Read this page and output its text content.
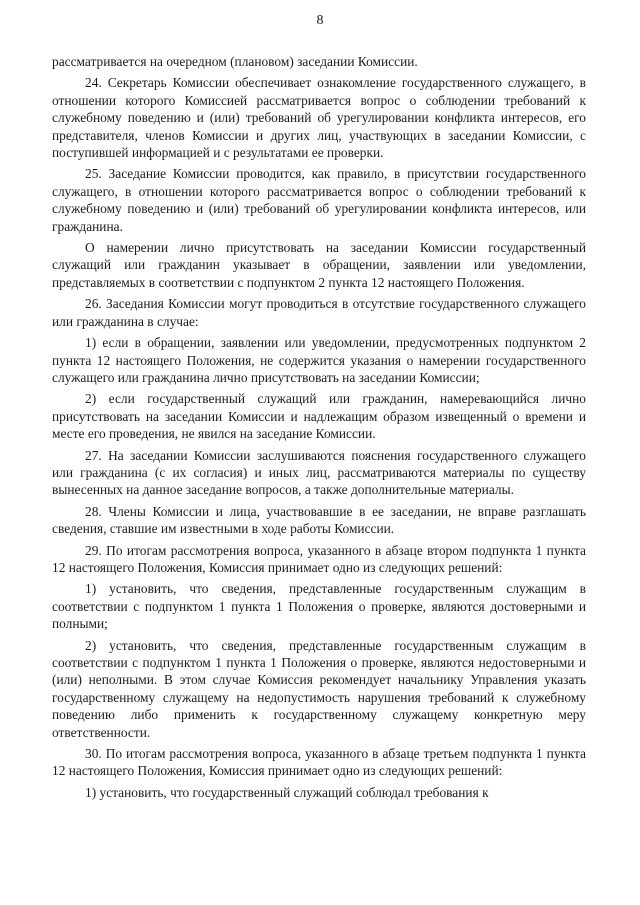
8

рассматривается на очередном (плановом) заседании Комиссии.

24. Секретарь Комиссии обеспечивает ознакомление государственного служащего, в отношении которого Комиссией рассматривается вопрос о соблюдении требований к служебному поведению и (или) требований об урегулировании конфликта интересов, его представителя, членов Комиссии и других лиц, участвующих в заседании Комиссии, с поступившей информацией и с результатами ее проверки.

25. Заседание Комиссии проводится, как правило, в присутствии государственного служащего, в отношении которого рассматривается вопрос о соблюдении требований к служебному поведению и (или) требований об урегулировании конфликта интересов, или гражданина.

О намерении лично присутствовать на заседании Комиссии государственный служащий или гражданин указывает в обращении, заявлении или уведомлении, представляемых в соответствии с подпунктом 2 пункта 12 настоящего Положения.

26. Заседания Комиссии могут проводиться в отсутствие государственного служащего или гражданина в случае:

1) если в обращении, заявлении или уведомлении, предусмотренных подпунктом 2 пункта 12 настоящего Положения, не содержится указания о намерении государственного служащего или гражданина лично присутствовать на заседании Комиссии;

2) если государственный служащий или гражданин, намеревающийся лично присутствовать на заседании Комиссии и надлежащим образом извещенный о времени и месте его проведения, не явился на заседание Комиссии.

27. На заседании Комиссии заслушиваются пояснения государственного служащего или гражданина (с их согласия) и иных лиц, рассматриваются материалы по существу вынесенных на данное заседание вопросов, а также дополнительные материалы.

28. Члены Комиссии и лица, участвовавшие в ее заседании, не вправе разглашать сведения, ставшие им известными в ходе работы Комиссии.

29. По итогам рассмотрения вопроса, указанного в абзаце втором подпункта 1 пункта 12 настоящего Положения, Комиссия принимает одно из следующих решений:

1) установить, что сведения, представленные государственным служащим в соответствии с подпунктом 1 пункта 1 Положения о проверке, являются достоверными и полными;

2) установить, что сведения, представленные государственным служащим в соответствии с подпунктом 1 пункта 1 Положения о проверке, являются недостоверными и (или) неполными. В этом случае Комиссия рекомендует начальнику Управления указать государственному служащему на недопустимость нарушения требований к служебному поведению либо применить к государственному служащему конкретную меру ответственности.

30. По итогам рассмотрения вопроса, указанного в абзаце третьем подпункта 1 пункта 12 настоящего Положения, Комиссия принимает одно из следующих решений:

1) установить, что государственный служащий соблюдал требования к
